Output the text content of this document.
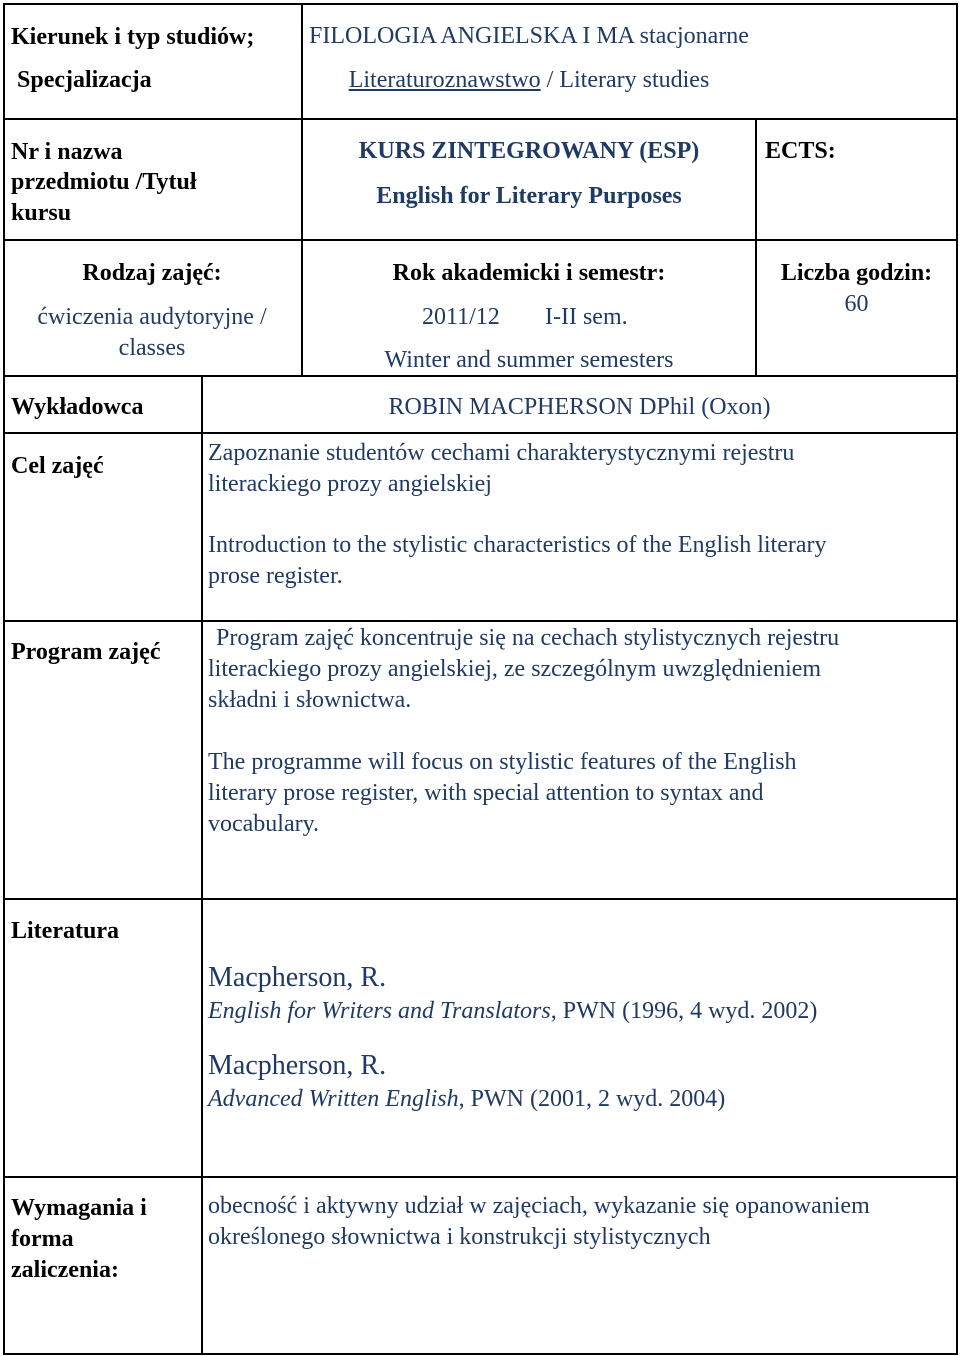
Kierunek i typ studiów;
Specjalizacja
FILOLOGIA ANGIELSKA I MA stacjonarne
Literaturoznawstwo / Literary studies
Nr i nazwa
przedmiotu /Tytuł
kursu
KURS ZINTEGROWANY (ESP)
English for Literary Purposes
ECTS:
Rodzaj zajęć:
ćwiczenia audytoryjne /
classes
Rok akademicki i semestr:
2011/12 I-II sem.
Winter and summer semesters
Liczba godzin:
60
Wykładowca	ROBIN MACPHERSON DPhil (Oxon)
Cel zajęć	Zapoznanie studentów cechami charakterystycznymi rejestru
literackiego prozy angielskiej
Introduction to the stylistic characteristics of the English literary
prose register.
Program zajęć
Program zajęć koncentruje się na cechach stylistycznych rejestru
literackiego prozy angielskiej, ze szczególnym uwzględnieniem
składni i słownictwa.
The programme will focus on stylistic features of the English
literary prose register, with special attention to syntax and
vocabulary.
Literatura
Macpherson, R.
English for Writers and Translators, PWN (1996, 4 wyd. 2002)
Macpherson, R.
Advanced Written English, PWN (2001, 2 wyd. 2004)
Wymagania i
forma
zaliczenia:
obecność i aktywny udział w zajęciach, wykazanie się opanowaniem
określonego słownictwa i konstrukcji stylistycznych
